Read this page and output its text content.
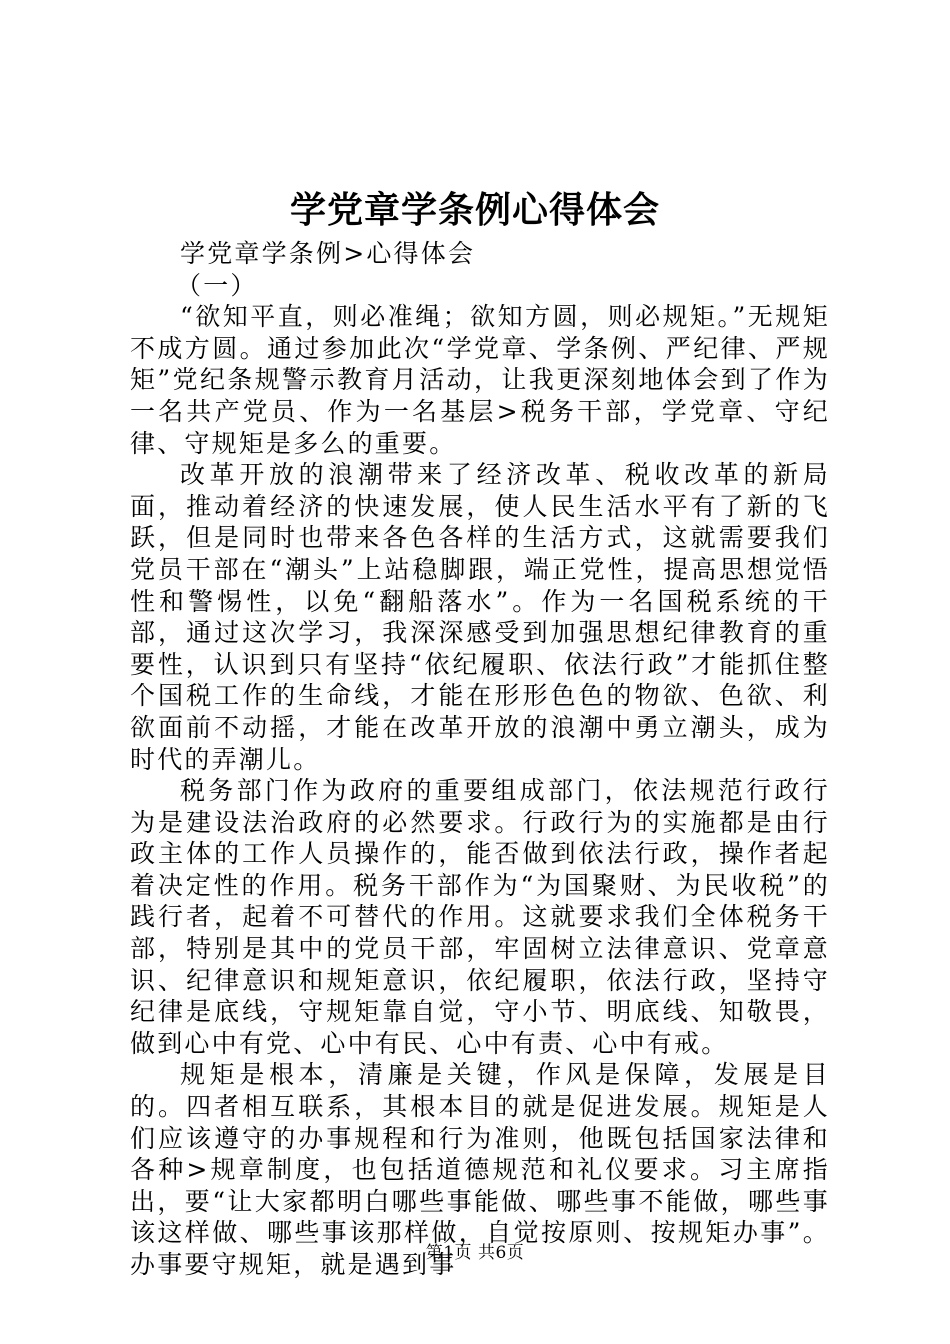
学党章学条例心得体会

学党章学条例>心得体会

（一）

“欲知平直，则必准绳；欲知方圆，则必规矩。”无规矩不成方圆。通过参加此次“学党章、学条例、严纪律、严规矩”党纪条规警示教育月活动，让我更深刻地体会到了作为一名共产党员、作为一名基层>税务干部，学党章、守纪律、守规矩是多么的重要。

改革开放的浪潮带来了经济改革、税收改革的新局面，推动着经济的快速发展，使人民生活水平有了新的飞跃，但是同时也带来各色各样的生活方式，这就需要我们党员干部在“潮头”上站稳脚跟，端正党性，提高思想觉悟性和警惕性，以免“翻船落水”。作为一名国税系统的干部，通过这次学习，我深深感受到加强思想纪律教育的重要性，认识到只有坚持“依纪履职、依法行政”才能抓住整个国税工作的生命线，才能在形形色色的物欲、色欲、利欲面前不动摇，才能在改革开放的浪潮中勇立潮头，成为时代的弄潮儿。

税务部门作为政府的重要组成部门，依法规范行政行为是建设法治政府的必然要求。行政行为的实施都是由行政主体的工作人员操作的，能否做到依法行政，操作者起着决定性的作用。税务干部作为“为国聚财、为民收税”的践行者，起着不可替代的作用。这就要求我们全体税务干部，特别是其中的党员干部，牢固树立法律意识、党章意识、纪律意识和规矩意识，依纪履职，依法行政，坚持守纪律是底线，守规矩靠自觉，守小节、明底线、知敬畏，做到心中有党、心中有民、心中有责、心中有戒。

规矩是根本，清廉是关键，作风是保障，发展是目的。四者相互联系，其根本目的就是促进发展。规矩是人们应该遵守的办事规程和行为准则，他既包括国家法律和各种>规章制度，也包括道德规范和礼仪要求。习主席指出，要“让大家都明白哪些事能做、哪些事不能做，哪些事该这样做、哪些事该那样做，自觉按原则、按规矩办事”。办事要守规矩，就是遇到事

第1页 共6页
